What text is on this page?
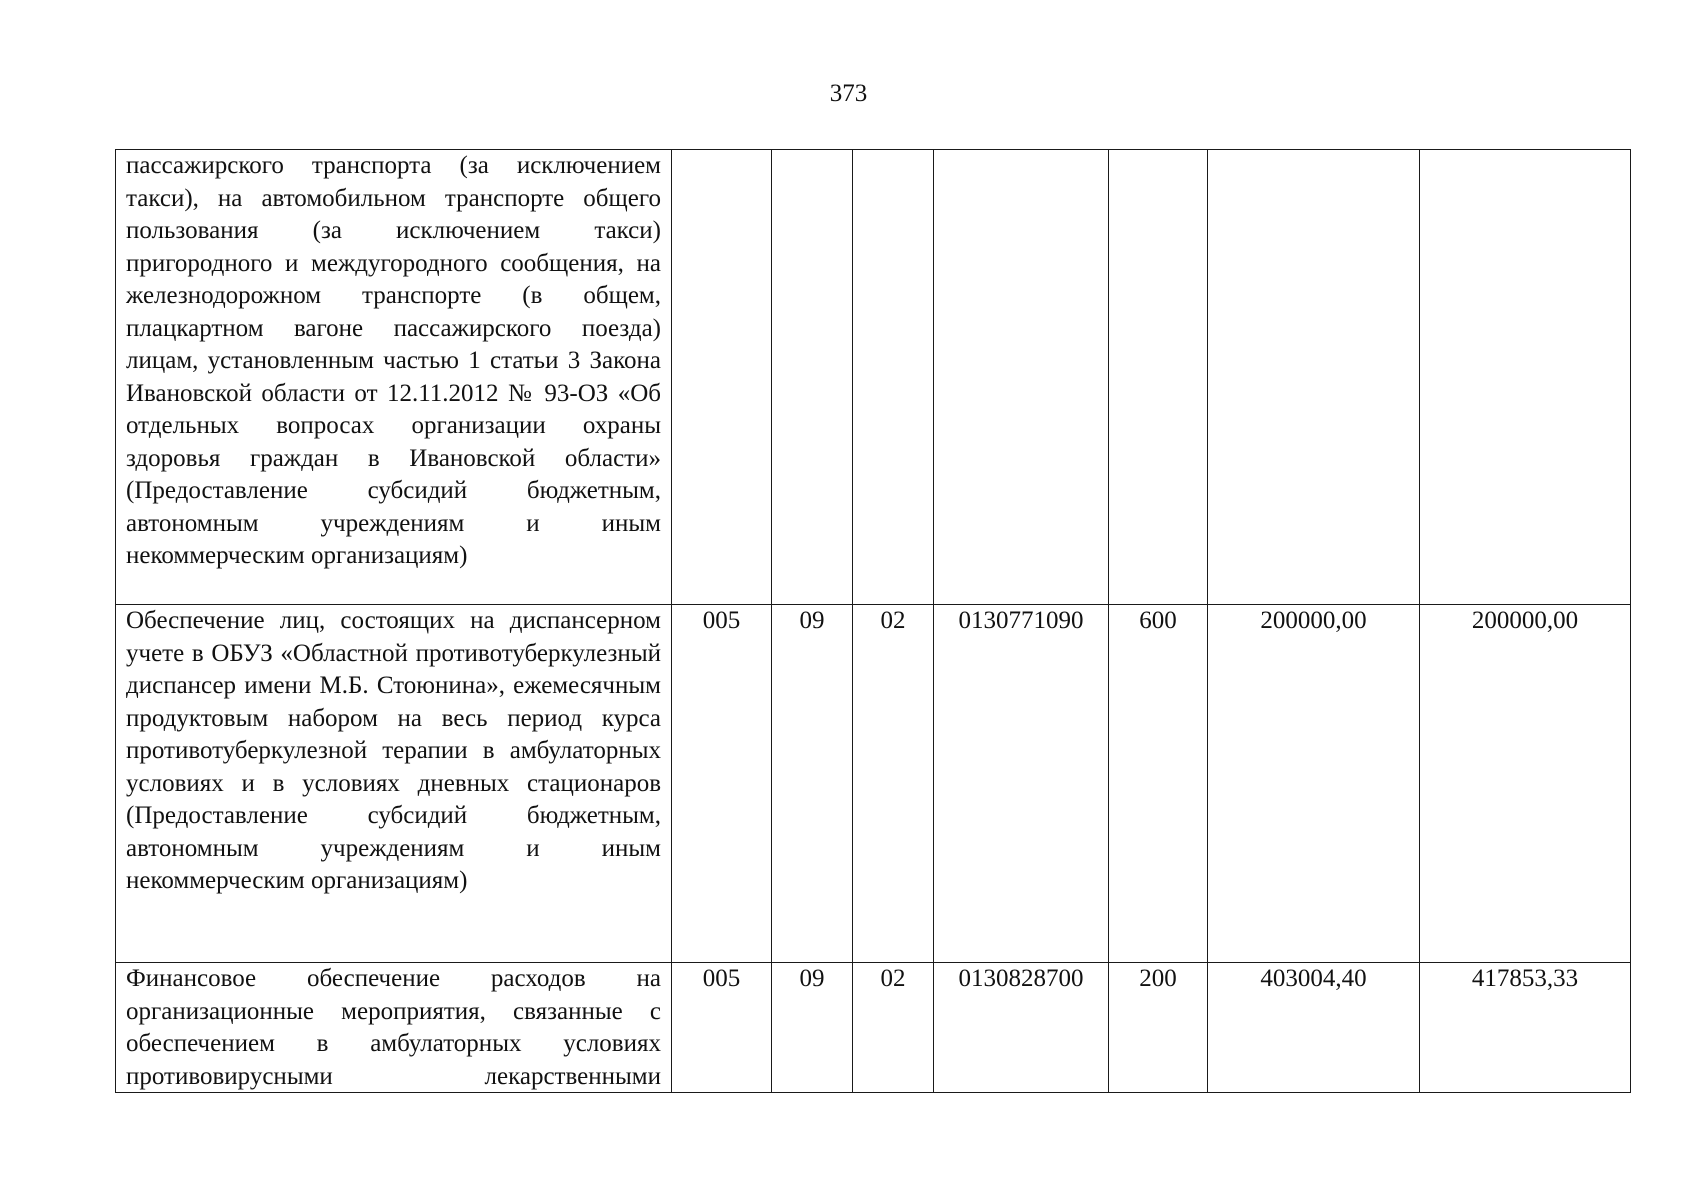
373
пассажирского транспорта (за исключением такси), на автомобильном транспорте общего пользования (за исключением такси) пригородного и междугородного сообщения, на железнодорожном транспорте (в общем, плацкартном вагоне пассажирского поезда) лицам, установленным частью 1 статьи 3 Закона Ивановской области от 12.11.2012 № 93-ОЗ «Об отдельных вопросах организации охраны здоровья граждан в Ивановской области» (Предоставление субсидий бюджетным, автономным учреждениям и иным некоммерческим организациям)							
Обеспечение лиц, состоящих на диспансерном учете в ОБУЗ «Областной противотуберкулезный диспансер имени М.Б. Стоюнина», ежемесячным продуктовым набором на весь период курса противотуберкулезной терапии в амбулаторных условиях и в условиях дневных стационаров (Предоставление субсидий бюджетным, автономным учреждениям и иным некоммерческим организациям)	005	09	02	0130771090	600	200000,00	200000,00

Финансовое обеспечение расходов на организационные мероприятия, связанные с обеспечением в амбулаторных условиях противовирусными лекарственными	005	09	02	0130828700	200	403004,40	417853,33
